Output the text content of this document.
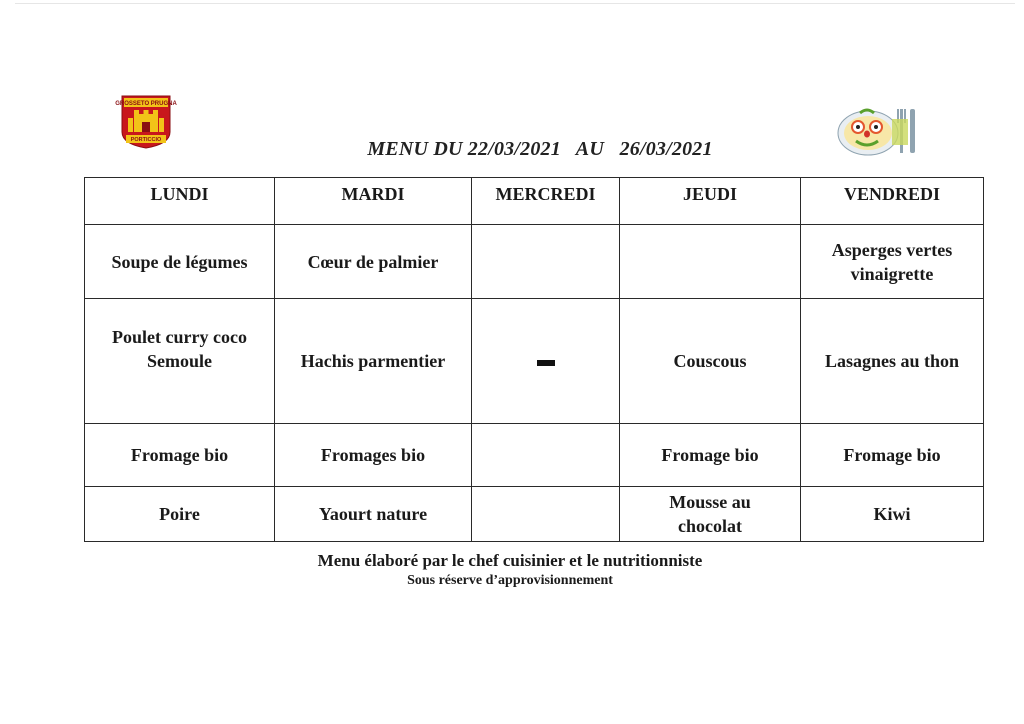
GROSSETO PRUGNA
PORTICCIO	MENU DU 22/03/2021   AU   26/03/2021
LUNDI	MARDI	MERCREDI	JEUDI	VENDREDI
Soupe de légumes	Cœur de palmier			Asperges vertes vinaigrette
Poulet curry coco Semoule	Hachis parmentier		Couscous	Lasagnes au thon
Fromage bio	Fromages bio		Fromage bio	Fromage bio
Poire	Yaourt nature		Mousse au chocolat	Kiwi
Menu élaboré par le chef cuisinier et le nutritionniste
Sous réserve d’approvisionnement
